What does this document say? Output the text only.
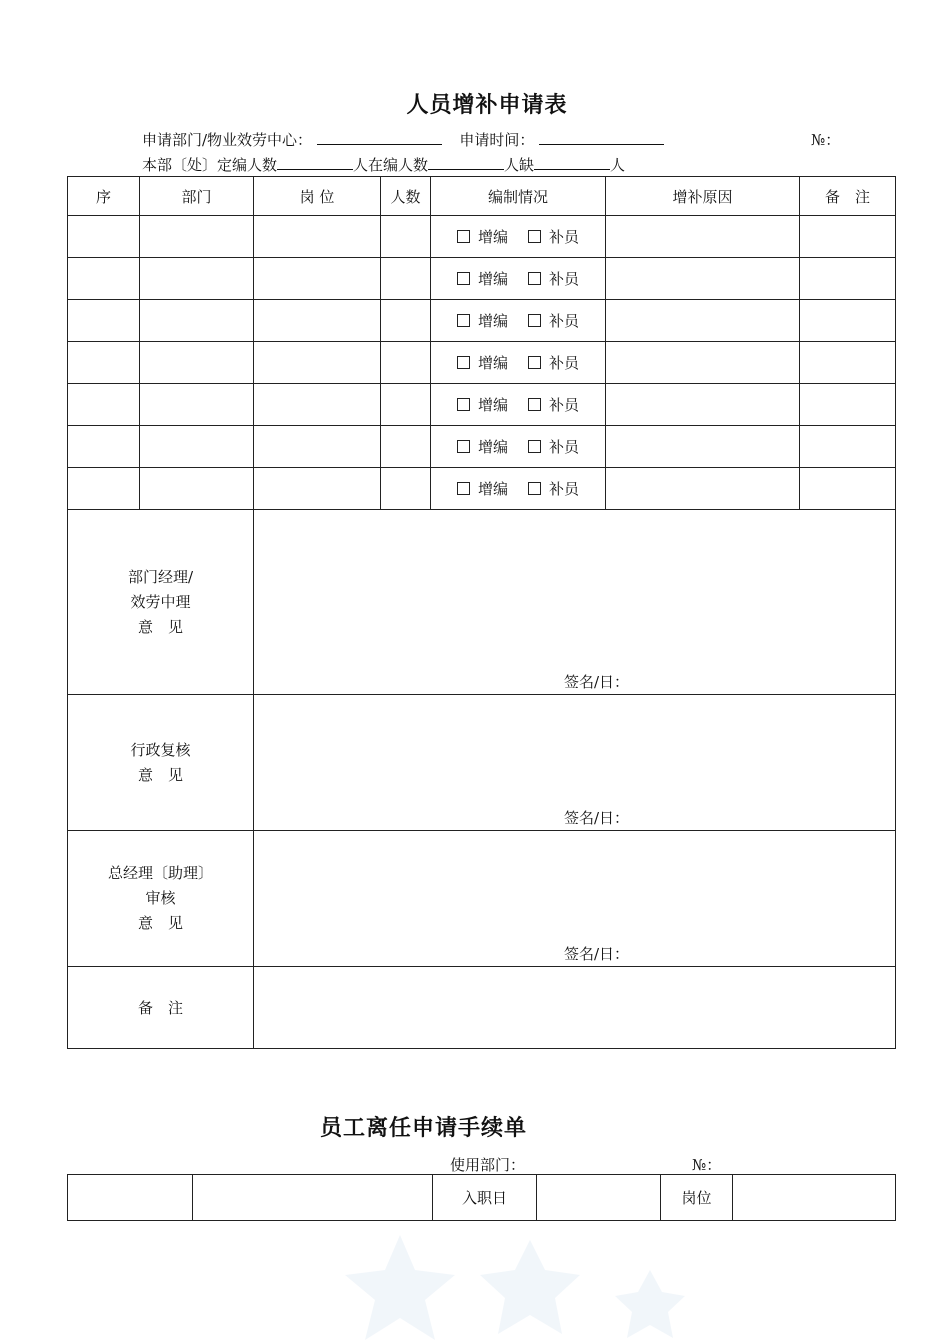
人员增补申请表
申请部门/物业效劳中心：	申请时间：	№：
本部〔处〕定编人数	人在编人数	人缺	人
序	部门	岗 位	人数	编制情况	增补原因	备　注
				增编 补员		
				增编 补员		
				增编 补员		
				增编 补员		
				增编 补员		
				增编 补员		
				增编 补员		

部门经理/
效劳中理
意　见		签名/日：				

行政复核
意　见		签名/日：				

总经理〔助理〕
审核
意　见		签名/日：				

备　注						
员工离任申请手续单
使用部门：	№：
		入职日		岗位	
